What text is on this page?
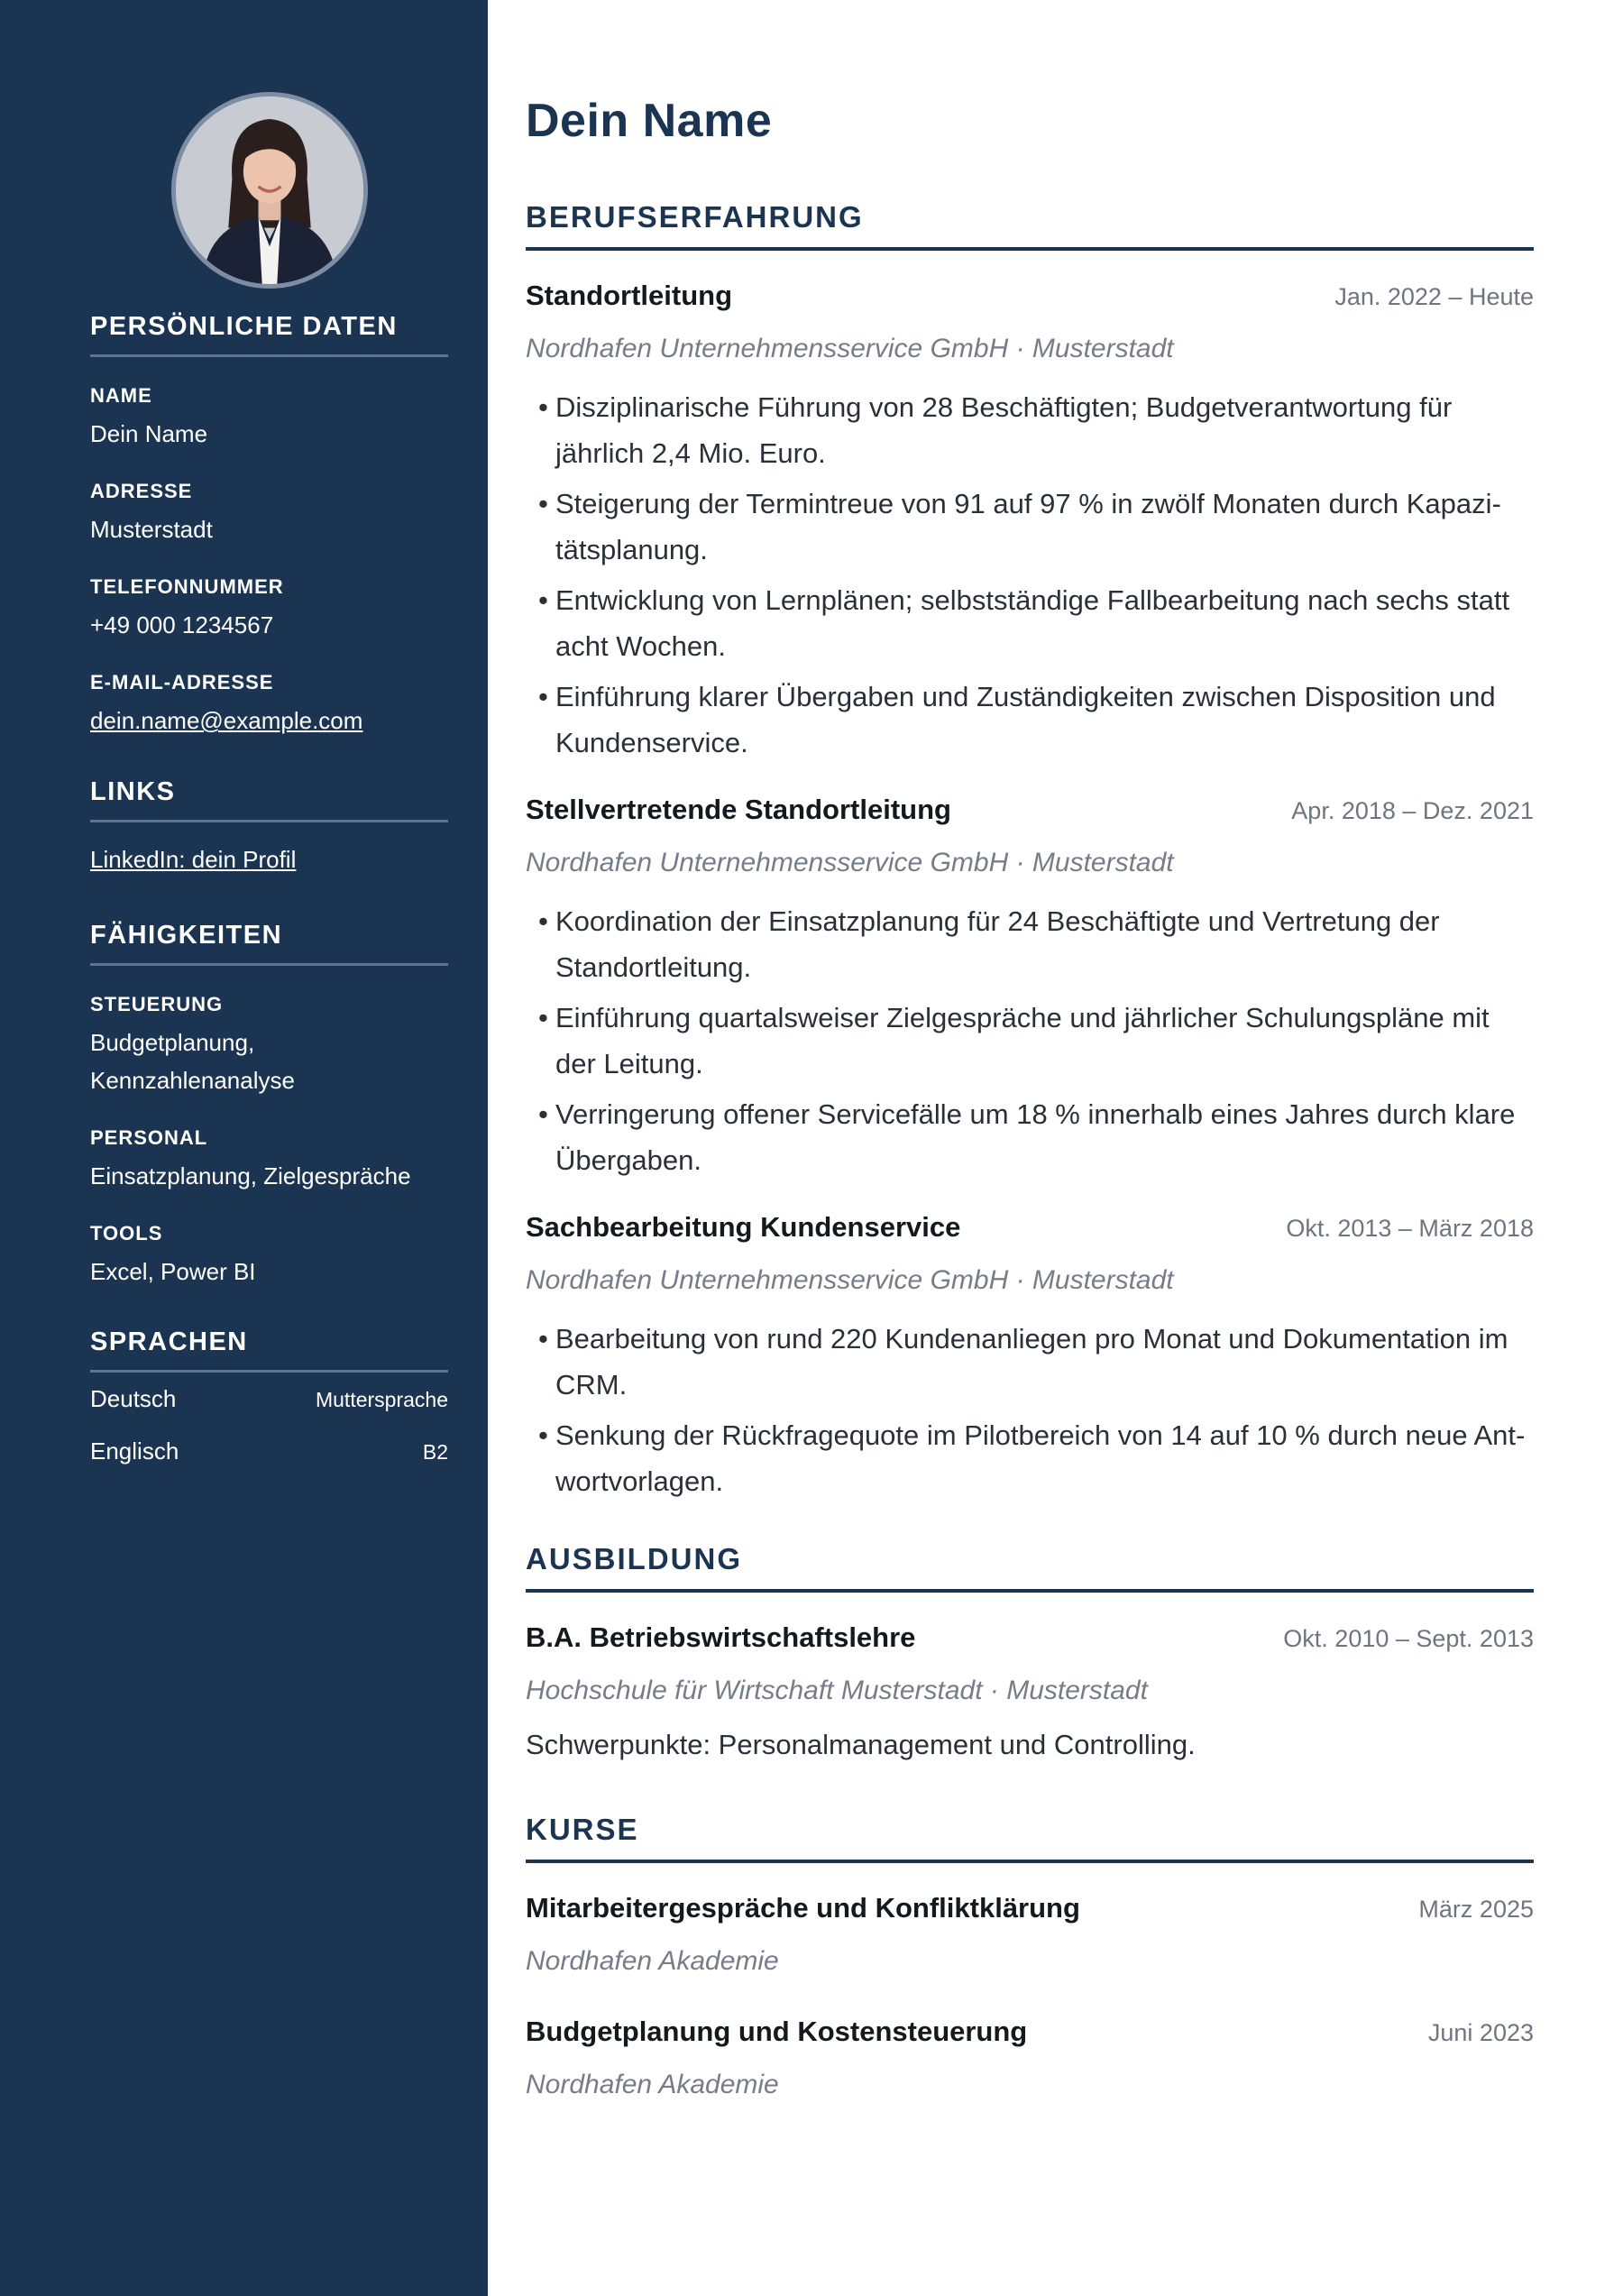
PERSÖNLICHE DATEN
NAME
Dein Name
ADRESSE
Musterstadt
TELEFONNUMMER
+49 000 1234567
E-MAIL-ADRESSE
dein.name@example.com
LINKS
LinkedIn: dein Profil
FÄHIGKEITEN
STEUERUNG
Budgetplanung,
Kennzahlenanalyse
PERSONAL
Einsatzplanung, Zielgespräche
TOOLS
Excel, Power BI
SPRACHEN
Deutsch	Muttersprache
Englisch	B2
Dein Name
BERUFSERFAHRUNG
Standortleitung	Jan. 2022 – Heute
Nordhafen Unternehmensservice GmbH · Musterstadt
• Disziplinarische Führung von 28 Beschäftigten; Budgetverantwortung für
jährlich 2,4 Mio. Euro.
• Steigerung der Termintreue von 91 auf 97 % in zwölf Monaten durch Kapazi-
tätsplanung.
• Entwicklung von Lernplänen; selbstständige Fallbearbeitung nach sechs statt
acht Wochen.
• Einführung klarer Übergaben und Zuständigkeiten zwischen Disposition und
Kundenservice.
Stellvertretende Standortleitung	Apr. 2018 – Dez. 2021
Nordhafen Unternehmensservice GmbH · Musterstadt
• Koordination der Einsatzplanung für 24 Beschäftigte und Vertretung der
Standortleitung.
• Einführung quartalsweiser Zielgespräche und jährlicher Schulungspläne mit
der Leitung.
• Verringerung offener Servicefälle um 18 % innerhalb eines Jahres durch klare
Übergaben.
Sachbearbeitung Kundenservice	Okt. 2013 – März 2018
Nordhafen Unternehmensservice GmbH · Musterstadt
• Bearbeitung von rund 220 Kundenanliegen pro Monat und Dokumentation im
CRM.
• Senkung der Rückfragequote im Pilotbereich von 14 auf 10 % durch neue Ant-
wortvorlagen.
AUSBILDUNG
B.A. Betriebswirtschaftslehre	Okt. 2010 – Sept. 2013
Hochschule für Wirtschaft Musterstadt · Musterstadt
Schwerpunkte: Personalmanagement und Controlling.
KURSE
Mitarbeitergespräche und Konfliktklärung	März 2025
Nordhafen Akademie
Budgetplanung und Kostensteuerung	Juni 2023
Nordhafen Akademie
